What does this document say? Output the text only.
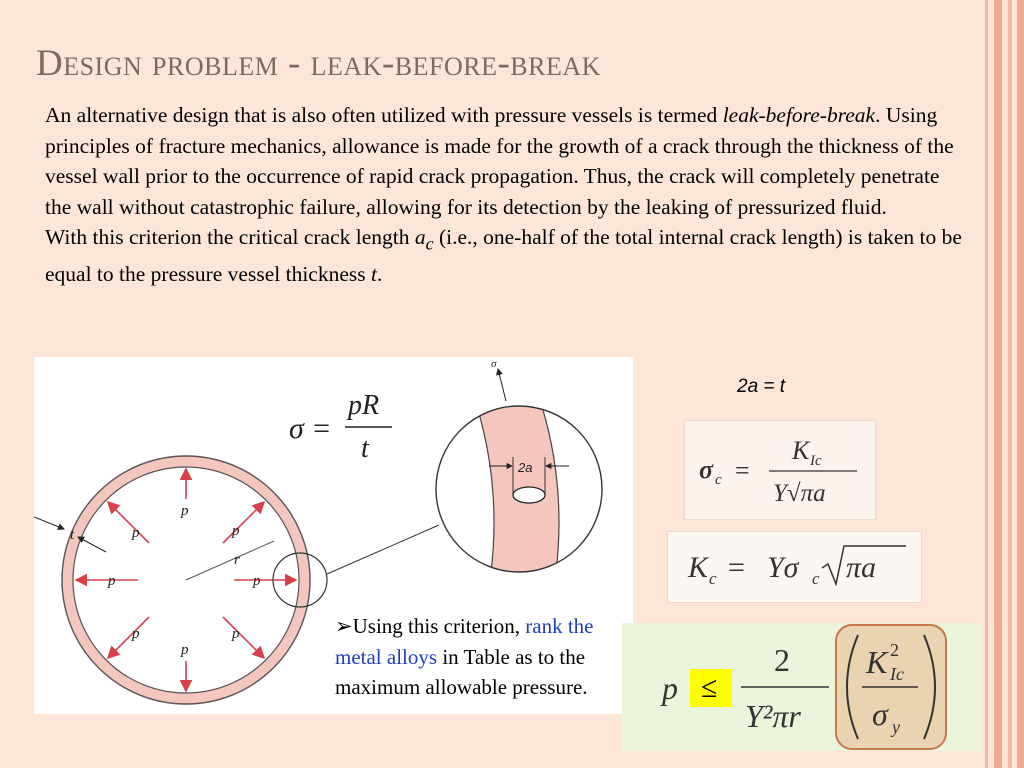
Design problem - leak-before-break

An alternative design that is also often utilized with pressure vessels is termed leak-before-break. Using principles of fracture mechanics, allowance is made for the growth of a crack through the thickness of the vessel wall prior to the occurrence of rapid crack propagation. Thus, the crack will completely penetrate the wall without catastrophic failure, allowing for its detection by the leaking of pressurized fluid.

With this criterion the critical crack length $a_c$ (i.e., one-half of the total internal crack length) is taken to be equal to the pressure vessel thickness t.

p
p
p	p
p	p
p	p
r
t
2a
σ
σ =
pR
t
➢Using this criterion, rank the metal alloys in Table as to the maximum allowable pressure.
2a = t
σ c =
K Ic
Y√πa
K c = Yσ c πa
p ≤
2
Y²πr
K 2
Ic
σ y
